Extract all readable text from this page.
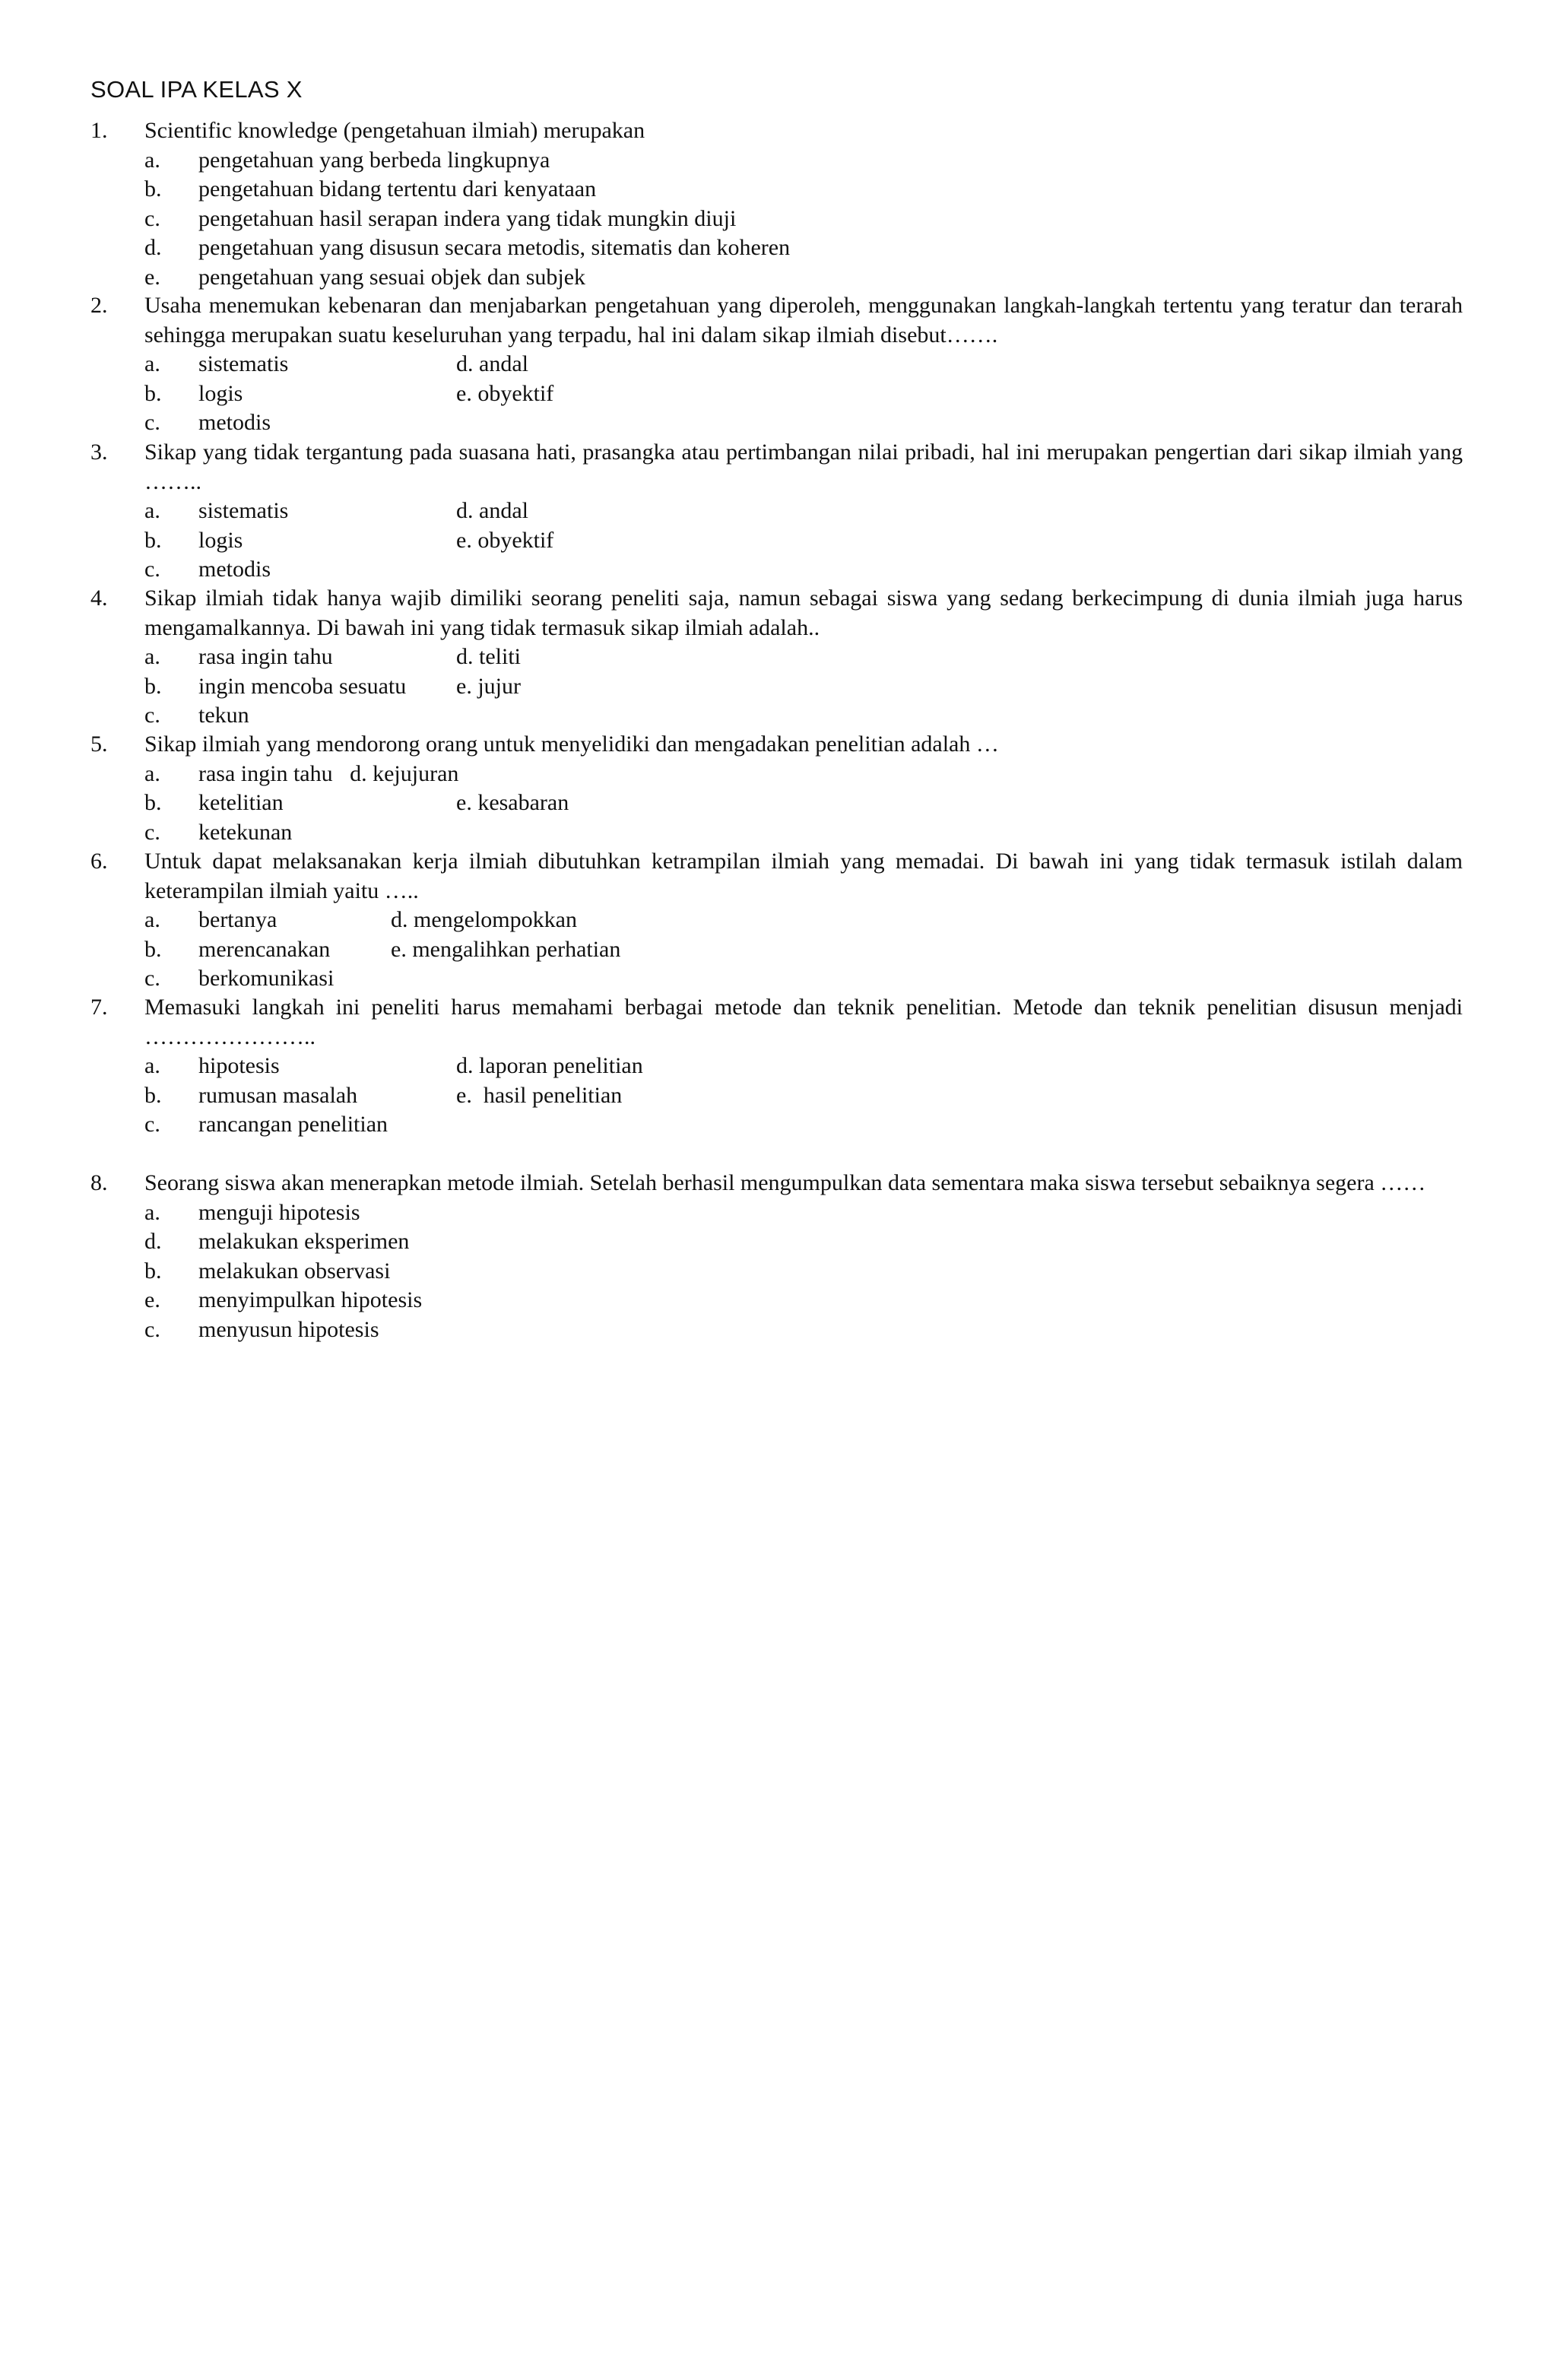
SOAL IPA KELAS X
1. Scientific knowledge (pengetahuan ilmiah) merupakan
a. pengetahuan yang berbeda lingkupnya
b. pengetahuan bidang tertentu dari kenyataan
c. pengetahuan hasil serapan indera yang tidak mungkin diuji
d. pengetahuan yang disusun secara metodis, sitematis dan koheren
e. pengetahuan yang sesuai objek dan subjek
2. Usaha menemukan kebenaran dan menjabarkan pengetahuan yang diperoleh, menggunakan langkah-langkah tertentu yang teratur dan terarah sehingga merupakan suatu keseluruhan yang terpadu, hal ini dalam sikap ilmiah disebut…….
a. sistematis	d. andal
b. logis	e. obyektif
c. metodis
3. Sikap yang tidak tergantung pada suasana hati, prasangka atau pertimbangan nilai pribadi, hal ini merupakan pengertian dari sikap ilmiah yang ……..
a. sistematis	d. andal
b. logis	e. obyektif
c. metodis
4. Sikap ilmiah tidak hanya wajib dimiliki seorang peneliti saja, namun sebagai siswa yang sedang berkecimpung di dunia ilmiah juga harus mengamalkannya. Di bawah ini yang tidak termasuk sikap ilmiah adalah..
a. rasa ingin tahu	d. teliti
b. ingin mencoba sesuatu e. jujur
c. tekun
5. Sikap ilmiah yang mendorong orang untuk menyelidiki dan mengadakan penelitian adalah …
a. rasa ingin tahu   d. kejujuran
b. ketelitian	e. kesabaran
c. ketekunan
6. Untuk dapat melaksanakan kerja ilmiah dibutuhkan ketrampilan ilmiah yang memadai. Di bawah ini yang tidak termasuk istilah dalam keterampilan ilmiah yaitu …..
a. bertanya	d. mengelompokkan
b. merencanakan	e. mengalihkan perhatian
c. berkomunikasi
7. Memasuki langkah ini peneliti harus memahami berbagai metode dan teknik penelitian. Metode dan teknik penelitian disusun menjadi …………………..
a. hipotesis	d. laporan penelitian
b. rumusan masalah	e.  hasil penelitian
c. rancangan penelitian
8. Seorang siswa akan menerapkan metode ilmiah. Setelah berhasil mengumpulkan data sementara maka siswa tersebut sebaiknya segera ……
a. menguji hipotesis
d. melakukan eksperimen
b. melakukan observasi
e. menyimpulkan hipotesis
c. menyusun hipotesis
